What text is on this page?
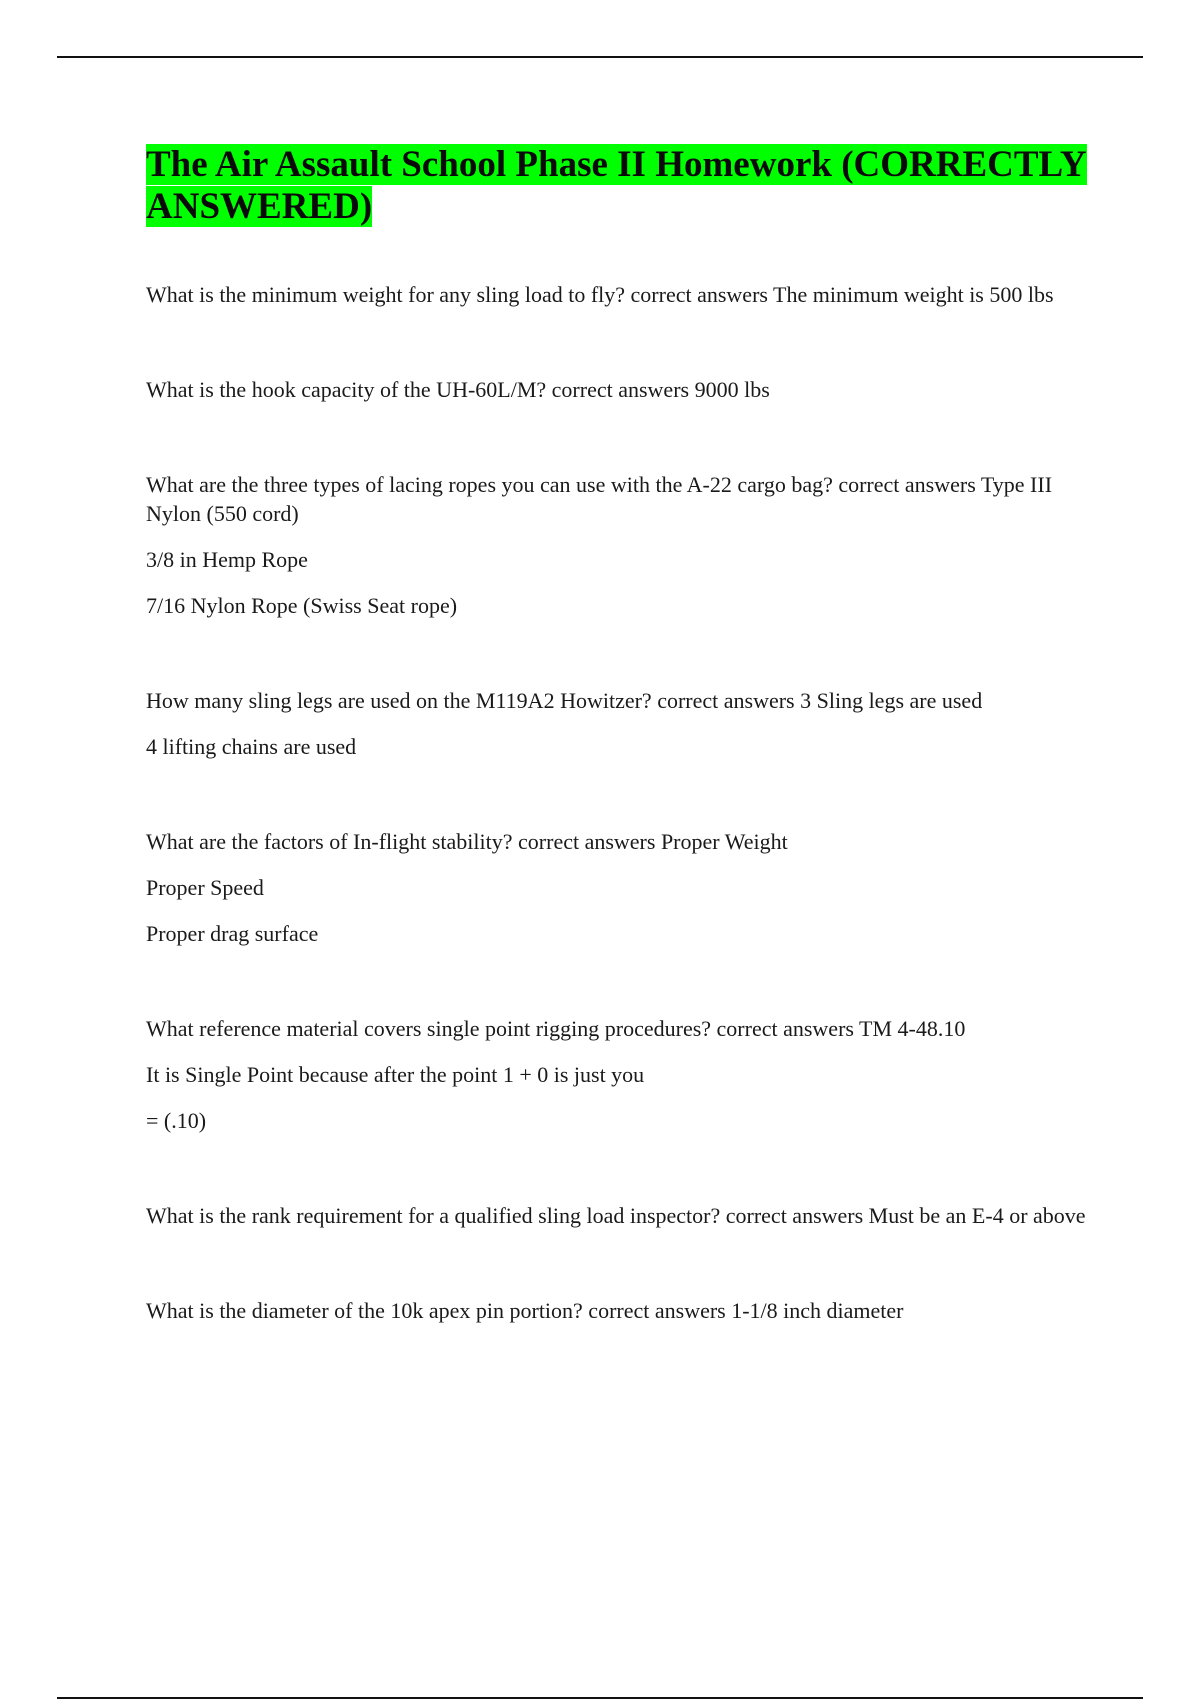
The Air Assault School Phase II Homework (CORRECTLY ANSWERED)

What is the minimum weight for any sling load to fly? correct answers The minimum weight is 500 lbs

What is the hook capacity of the UH-60L/M? correct answers 9000 lbs

What are the three types of lacing ropes you can use with the A-22 cargo bag? correct answers Type III Nylon (550 cord)

3/8 in Hemp Rope

7/16 Nylon Rope (Swiss Seat rope)

How many sling legs are used on the M119A2 Howitzer? correct answers 3 Sling legs are used

4 lifting chains are used

What are the factors of In-flight stability? correct answers Proper Weight

Proper Speed

Proper drag surface

What reference material covers single point rigging procedures? correct answers TM 4-48.10

It is Single Point because after the point 1 + 0 is just you

= (.10)

What is the rank requirement for a qualified sling load inspector? correct answers Must be an E-4 or above

What is the diameter of the 10k apex pin portion? correct answers 1-1/8 inch diameter
